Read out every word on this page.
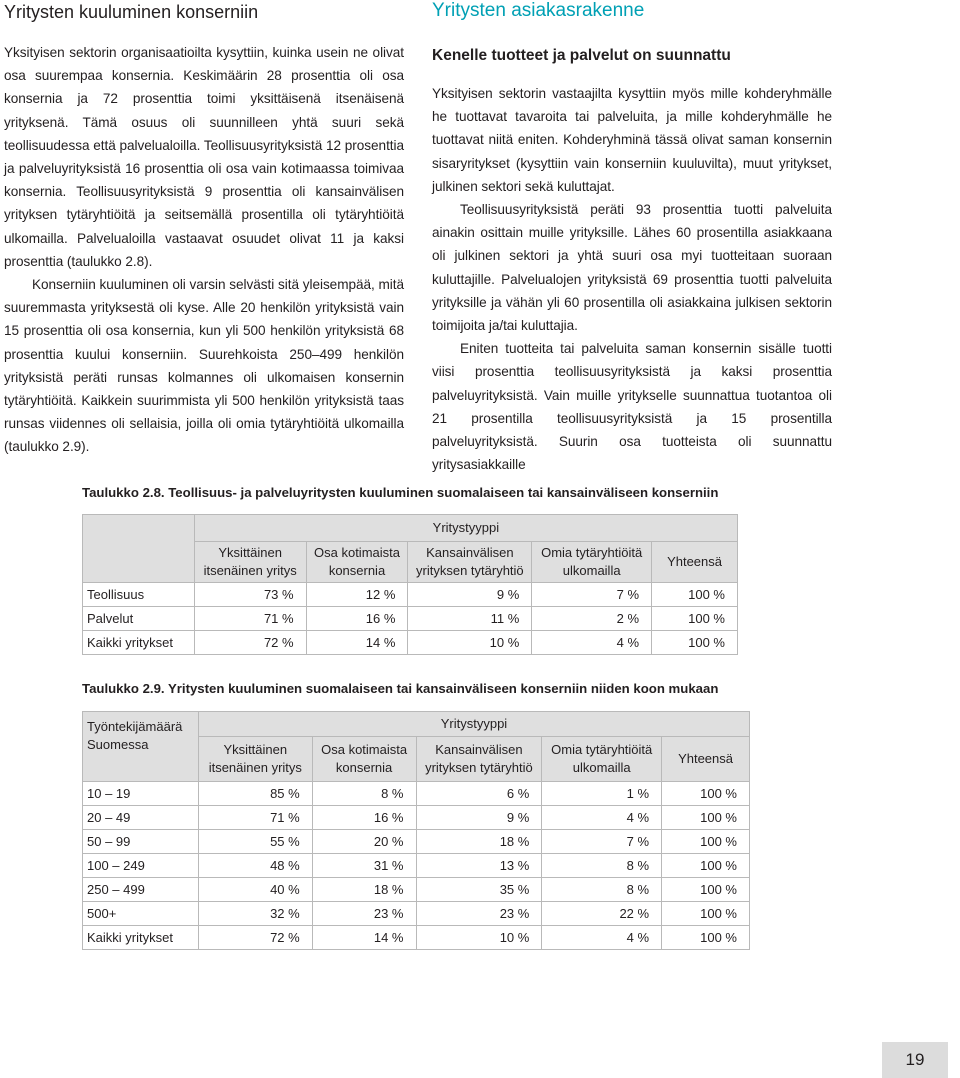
Yritysten kuuluminen konserniin

Yksityisen sektorin organisaatioilta kysyttiin, kuinka usein ne olivat osa suurempaa konsernia. Keskimäärin 28 prosenttia oli osa konsernia ja 72 prosenttia toimi yksittäisenä itsenäisenä yrityksenä. Tämä osuus oli suunnilleen yhtä suuri sekä teollisuudessa että palvelualoilla. Teollisuusyrityksistä 12 prosenttia ja palveluyrityksistä 16 prosenttia oli osa vain kotimaassa toimivaa konsernia. Teollisuusyrityksistä 9 prosenttia oli kansainvälisen yrityksen tytäryhtiöitä ja seitsemällä prosentilla oli tytäryhtiöitä ulkomailla. Palvelualoilla vastaavat osuudet olivat 11 ja kaksi prosenttia (taulukko 2.8).

Konserniin kuuluminen oli varsin selvästi sitä yleisempää, mitä suuremmasta yrityksestä oli kyse. Alle 20 henkilön yrityksistä vain 15 prosenttia oli osa konsernia, kun yli 500 henkilön yrityksistä 68 prosenttia kuului konserniin. Suurehkoista 250–499 henkilön yrityksistä peräti runsas kolmannes oli ulkomaisen konsernin tytäryhtiöitä. Kaikkein suurimmista yli 500 henkilön yrityksistä taas runsas viidennes oli sellaisia, joilla oli omia tytäryhtiöitä ulkomailla (taulukko 2.9).

Yritysten asiakasrakenne
Kenelle tuotteet ja palvelut on suunnattu

Yksityisen sektorin vastaajilta kysyttiin myös mille kohderyhmälle he tuottavat tavaroita tai palveluita, ja mille kohderyhmälle he tuottavat niitä eniten. Kohderyhminä tässä olivat saman konsernin sisaryritykset (kysyttiin vain konserniin kuuluvilta), muut yritykset, julkinen sektori sekä kuluttajat.

Teollisuusyrityksistä peräti 93 prosenttia tuotti palveluita ainakin osittain muille yrityksille. Lähes 60 prosentilla asiakkaana oli julkinen sektori ja yhtä suuri osa myi tuotteitaan suoraan kuluttajille. Palvelualojen yrityksistä 69 prosenttia tuotti palveluita yrityksille ja vähän yli 60 prosentilla oli asiakkaina julkisen sektorin toimijoita ja/tai kuluttajia.

Eniten tuotteita tai palveluita saman konsernin sisälle tuotti viisi prosenttia teollisuusyrityksistä ja kaksi prosenttia palveluyrityksistä. Vain muille yritykselle suunnattua tuotantoa oli 21 prosentilla teollisuusyrityksistä ja 15 prosentilla palveluyrityksistä. Suurin osa tuotteista oli suunnattu yritysasiakkaille

Taulukko 2.8. Teollisuus- ja palveluyritysten kuuluminen suomalaiseen tai kansainväliseen konserniin

	Yritystyyppi				
	Yksittäinen itsenäinen yritys	Osa kotimaista konsernia	Kansainvälisen yrityksen tytäryhtiö	Omia tytäryhtiöitä ulkomailla	Yhteensä
Teollisuus	73 %	12 %	9 %	7 %	100 %
Palvelut	71 %	16 %	11 %	2 %	100 %
Kaikki yritykset	72 %	14 %	10 %	4 %	100 %

Taulukko 2.9. Yritysten kuuluminen suomalaiseen tai kansainväliseen konserniin niiden koon mukaan

Työntekijämäärä Suomessa	Yritystyyppi				
	Yksittäinen itsenäinen yritys	Osa kotimaista konsernia	Kansainvälisen yrityksen tytäryhtiö	Omia tytäryhtiöitä ulkomailla	Yhteensä
10 – 19	85 %	8 %	6 %	1 %	100 %
20 – 49	71 %	16 %	9 %	4 %	100 %
50 – 99	55 %	20 %	18 %	7 %	100 %
100 – 249	48 %	31 %	13 %	8 %	100 %
250 – 499	40 %	18 %	35 %	8 %	100 %
500+	32 %	23 %	23 %	22 %	100 %
Kaikki yritykset	72 %	14 %	10 %	4 %	100 %
19
